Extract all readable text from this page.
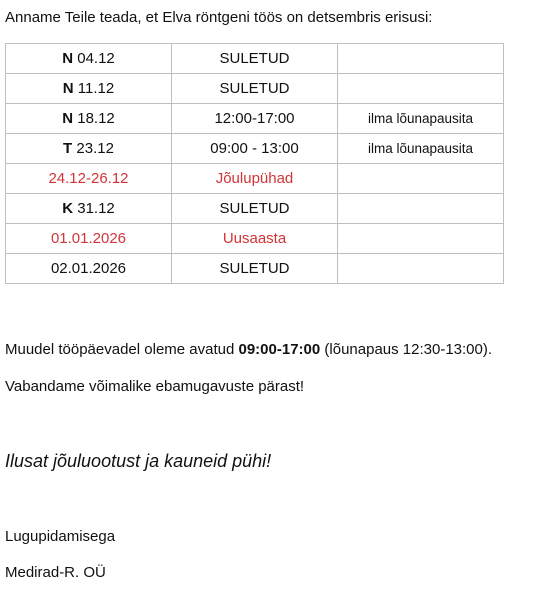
Anname Teile teada, et Elva röntgeni töös on detsembris erisusi:
N 04.12	SULETUD	
N 11.12	SULETUD	
N 18.12	12:00-17:00	ilma lõunapausita
T 23.12	09:00 - 13:00	ilma lõunapausita
24.12-26.12	Jõulupühad	
K 31.12	SULETUD	
01.01.2026	Uusaasta	
02.01.2026	SULETUD	
Muudel tööpäevadel oleme avatud 09:00-17:00 (lõunapaus 12:30-13:00).
Vabandame võimalike ebamugavuste pärast!
Ilusat jõuluootust ja kauneid pühi!
Lugupidamisega
Medirad-R. OÜ
